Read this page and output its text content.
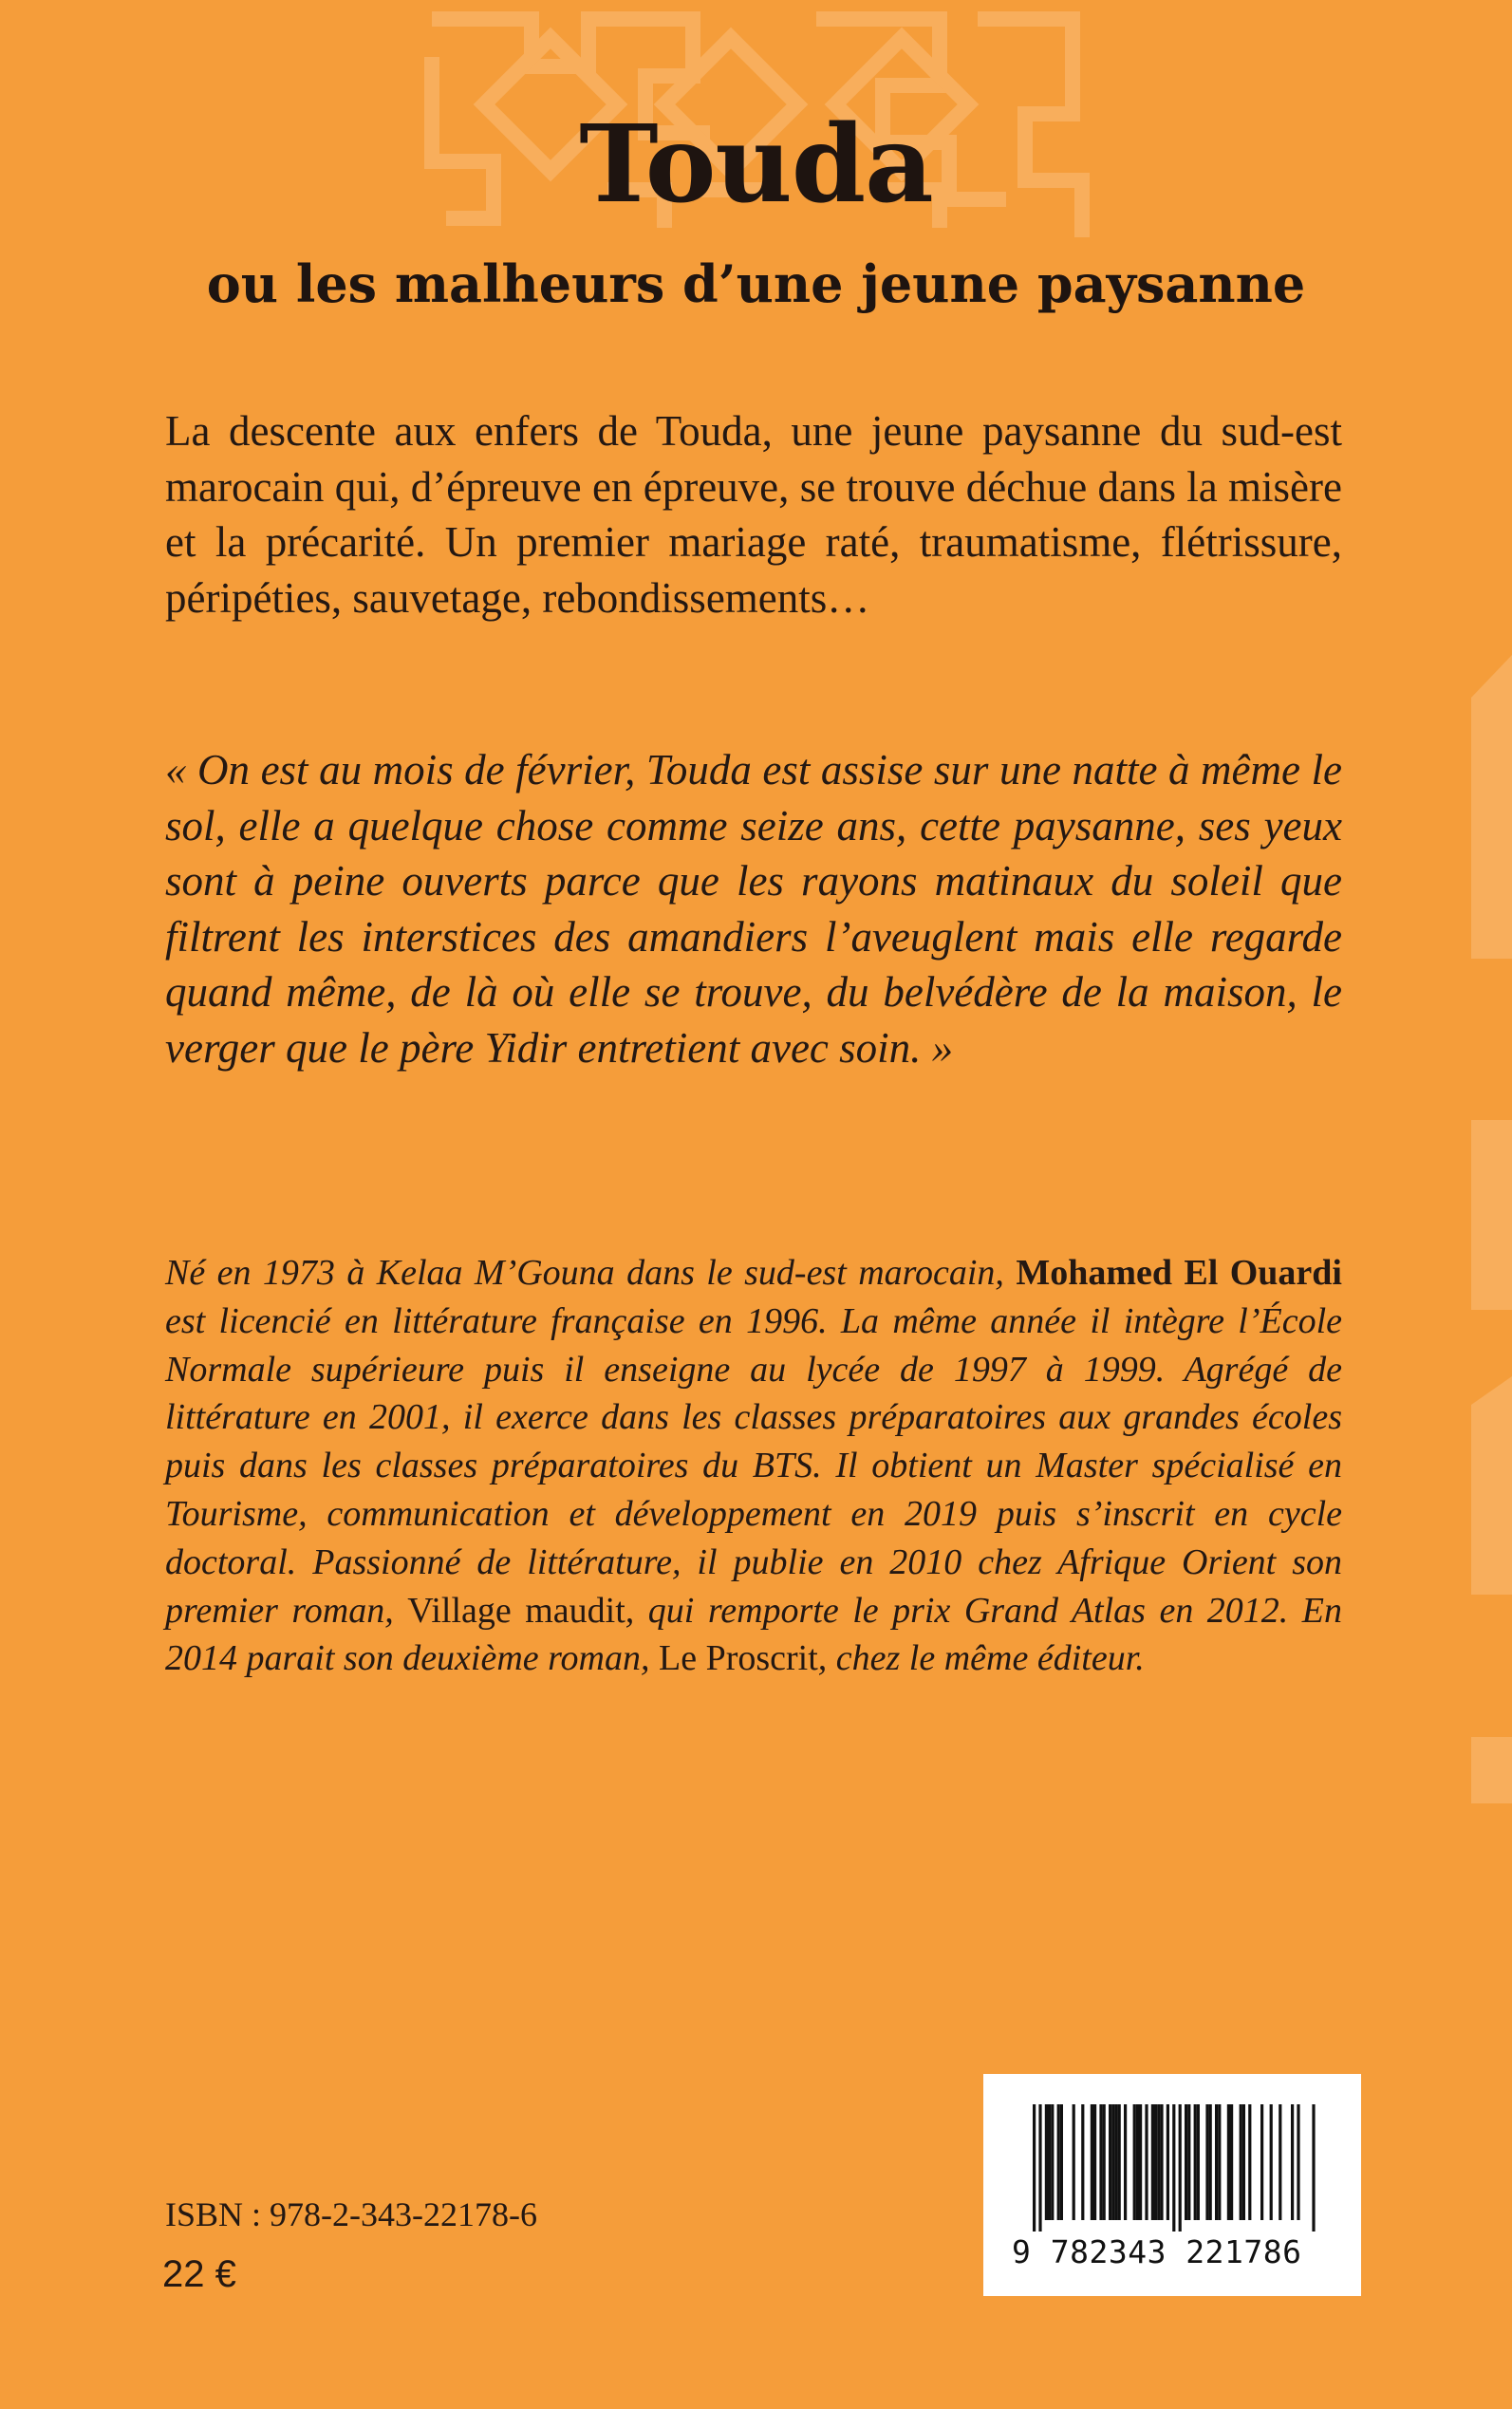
Touda
ou les malheurs d’une jeune paysanne

La descente aux enfers de Touda, une jeune paysanne du sud-est marocain qui, d’épreuve en épreuve, se trouve déchue dans la misère et la précarité. Un premier mariage raté, traumatisme, flétrissure, péripéties, sauvetage, rebondissements…

« On est au mois de février, Touda est assise sur une natte à même le sol, elle a quelque chose comme seize ans, cette paysanne, ses yeux sont à peine ouverts parce que les rayons matinaux du soleil que filtrent les interstices des amandiers l’aveuglent mais elle regarde quand même, de là où elle se trouve, du belvédère de la maison, le verger que le père Yidir entretient avec soin. »

Né en 1973 à Kelaa M’Gouna dans le sud-est marocain, Mohamed El Ouardi est licencié en littérature française en 1996. La même année il intègre l’École Normale supérieure puis il enseigne au lycée de 1997 à 1999. Agrégé de littérature en 2001, il exerce dans les classes préparatoires aux grandes écoles puis dans les classes préparatoires du BTS. Il obtient un Master spécialisé en Tourisme, communication et développement en 2019 puis s’inscrit en cycle doctoral. Passionné de littérature, il publie en 2010 chez Afrique Orient son premier roman, Village maudit, qui remporte le prix Grand Atlas en 2012. En 2014 parait son deuxième roman, Le Proscrit, chez le même éditeur.

ISBN : 978-2-343-22178-6
22 €
9 782343 221786
